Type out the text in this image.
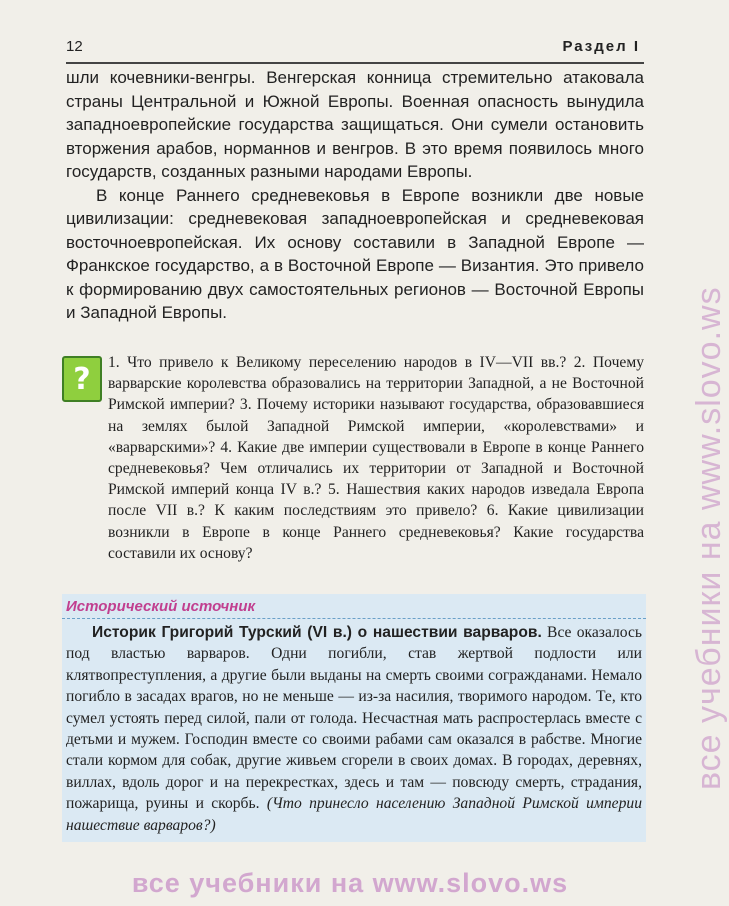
12	Раздел I

шли кочевники-венгры. Венгерская конница стремительно атаковала страны Центральной и Южной Европы. Военная опасность вынудила западноевропейские государства защищаться. Они сумели остановить вторжения арабов, норманнов и венгров. В это время появилось много государств, созданных разными народами Европы.

В конце Раннего средневековья в Европе возникли две новые цивилизации: средневековая западноевропейская и средневековая восточноевропейская. Их основу составили в Западной Европе — Франкское государство, а в Восточной Европе — Византия. Это привело к формированию двух самостоятельных регионов — Восточной Европы и Западной Европы.

?	1. Что привело к Великому переселению народов в IV—VII вв.? 2. Почему варварские королевства образовались на территории Западной, а не Восточной Римской империи? 3. Почему историки называют государства, образовавшиеся на землях былой Западной Римской империи, «королевствами» и «варварскими»? 4. Какие две империи существовали в Европе в конце Раннего средневековья? Чем отличались их территории от Западной и Восточной Римской империй конца IV в.? 5. Нашествия каких народов изведала Европа после VII в.? К каким последствиям это привело? 6. Какие цивилизации возникли в Европе в конце Раннего средневековья? Какие государства составили их основу?
Исторический источник
Историк Григорий Турский (VI в.) о нашествии варваров. Все оказалось под властью варваров. Одни погибли, став жертвой подлости или клятвопреступления, а другие были выданы на смерть своими согражданами. Немало погибло в засадах врагов, но не меньше — из-за насилия, творимого народом. Те, кто сумел устоять перед силой, пали от голода. Несчастная мать распростерлась вместе с детьми и мужем. Господин вместе со своими рабами сам оказался в рабстве. Многие стали кормом для собак, другие живьем сгорели в своих домах. В городах, деревнях, виллах, вдоль дорог и на перекрестках, здесь и там — повсюду смерть, страдания, пожарища, руины и скорбь. (Что принесло населению Западной Римской империи нашествие варваров?)
все учебники на www.slovo.ws
все учебники на www.slovo.ws
